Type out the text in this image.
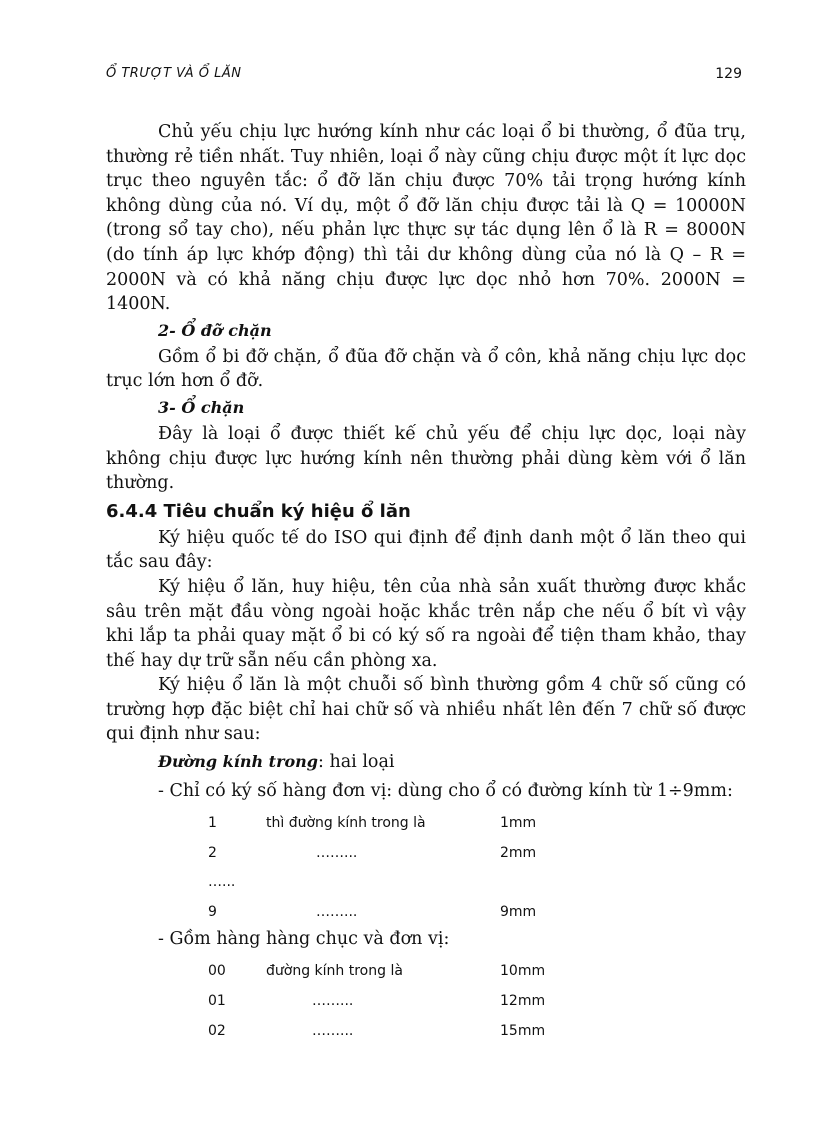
Ổ TRƯỢT VÀ Ổ LĂN	129

Chủ yếu chịu lực hướng kính như các loại ổ bi thường, ổ đũa trụ, thường rẻ tiền nhất. Tuy nhiên, loại ổ này cũng chịu được một ít lực dọc trục theo nguyên tắc: ổ đỡ lăn chịu được 70% tải trọng hướng kính không dùng của nó. Ví dụ, một ổ đỡ lăn chịu được tải là Q = 10000N (trong sổ tay cho), nếu phản lực thực sự tác dụng lên ổ là R = 8000N (do tính áp lực khớp động) thì tải dư không dùng của nó là Q – R = 2000N và có khả năng chịu được lực dọc nhỏ hơn 70%. 2000N = 1400N.

2- Ổ đỡ chặn

Gồm ổ bi đỡ chặn, ổ đũa đỡ chặn và ổ côn, khả năng chịu lực dọc trục lớn hơn ổ đỡ.

3- Ổ chặn

Đây là loại ổ được thiết kế chủ yếu để chịu lực dọc, loại này không chịu được lực hướng kính nên thường phải dùng kèm với ổ lăn thường.

6.4.4 Tiêu chuẩn ký hiệu ổ lăn

Ký hiệu quốc tế do ISO qui định để định danh một ổ lăn theo qui tắc sau đây:

Ký hiệu ổ lăn, huy hiệu, tên của nhà sản xuất thường được khắc sâu trên mặt đầu vòng ngoài hoặc khắc trên nắp che nếu ổ bít vì vậy khi lắp ta phải quay mặt ổ bi có ký số ra ngoài để tiện tham khảo, thay thế hay dự trữ sẵn nếu cần phòng xa.

Ký hiệu ổ lăn là một chuỗi số bình thường gồm 4 chữ số cũng có trường hợp đặc biệt chỉ hai chữ số và nhiều nhất lên đến 7 chữ số được qui định như sau:

Đường kính trong: hai loại

- Chỉ có ký số hàng đơn vị: dùng cho ổ có đường kính từ 1÷9mm:

1	thì đường kính trong là	1mm
2	……...	2mm
…...
9	……...	9mm

- Gồm hàng hàng chục và đơn vị:

00	đường kính trong là	10mm
01	……...	12mm
02	……...	15mm
